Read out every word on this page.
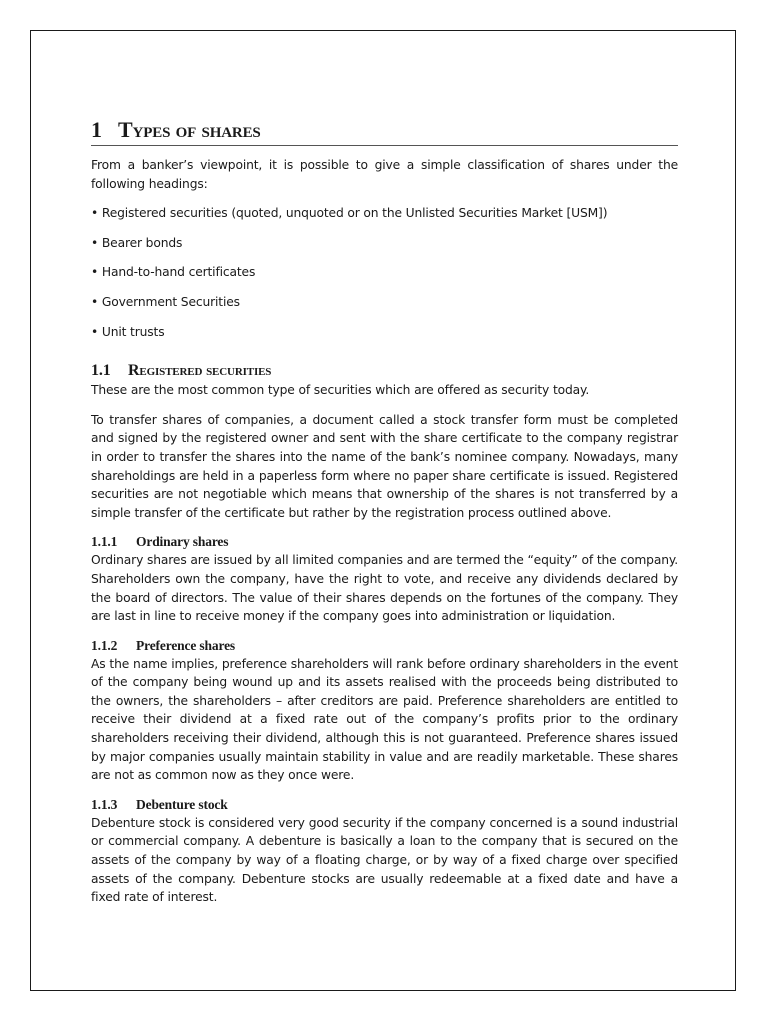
1 Types of shares

From a banker’s viewpoint, it is possible to give a simple classification of shares under the following headings:

• Registered securities (quoted, unquoted or on the Unlisted Securities Market [USM])

• Bearer bonds

• Hand-to-hand certificates

• Government Securities

• Unit trusts

1.1	Registered securities

These are the most common type of securities which are offered as security today.

To transfer shares of companies, a document called a stock transfer form must be completed and signed by the registered owner and sent with the share certificate to the company registrar in order to transfer the shares into the name of the bank’s nominee company. Nowadays, many shareholdings are held in a paperless form where no paper share certificate is issued. Registered securities are not negotiable which means that ownership of the shares is not transferred by a simple transfer of the certificate but rather by the registration process outlined above.

1.1.1	Ordinary shares

Ordinary shares are issued by all limited companies and are termed the “equity” of the company. Shareholders own the company, have the right to vote, and receive any dividends declared by the board of directors. The value of their shares depends on the fortunes of the company. They are last in line to receive money if the company goes into administration or liquidation.

1.1.2	Preference shares

As the name implies, preference shareholders will rank before ordinary shareholders in the event of the company being wound up and its assets realised with the proceeds being distributed to the owners, the shareholders – after creditors are paid. Preference shareholders are entitled to receive their dividend at a fixed rate out of the company’s profits prior to the ordinary shareholders receiving their dividend, although this is not guaranteed. Preference shares issued by major companies usually maintain stability in value and are readily marketable. These shares are not as common now as they once were.

1.1.3	Debenture stock

Debenture stock is considered very good security if the company concerned is a sound industrial or commercial company. A debenture is basically a loan to the company that is secured on the assets of the company by way of a floating charge, or by way of a fixed charge over specified assets of the company. Debenture stocks are usually redeemable at a fixed date and have a fixed rate of interest.
